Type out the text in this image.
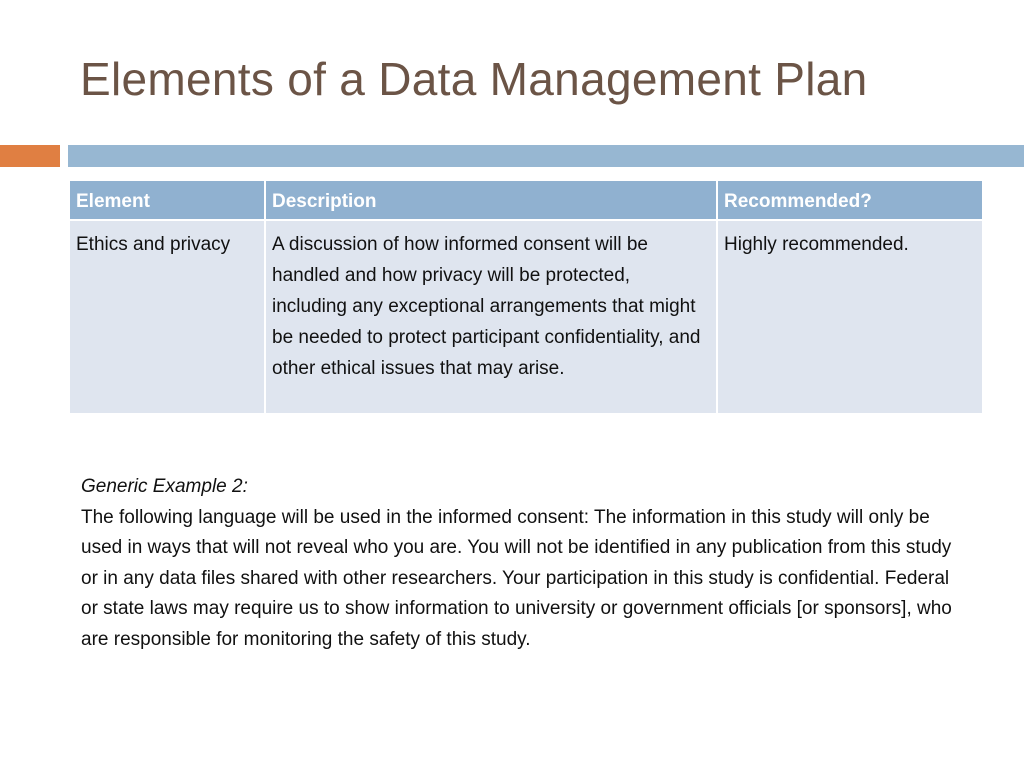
Elements of a Data Management Plan
Element	Description	Recommended?
Ethics and privacy	A discussion of how informed consent will be handled and how privacy will be protected, including any exceptional arrangements that might be needed to protect participant confidentiality, and other ethical issues that may arise.	Highly recommended.
Generic Example 2:
The following language will be used in the informed consent: The information in this study will only be used in ways that will not reveal who you are. You will not be identified in any publication from this study or in any data files shared with other researchers. Your participation in this study is confidential. Federal or state laws may require us to show information to university or government officials [or sponsors], who are responsible for monitoring the safety of this study.
